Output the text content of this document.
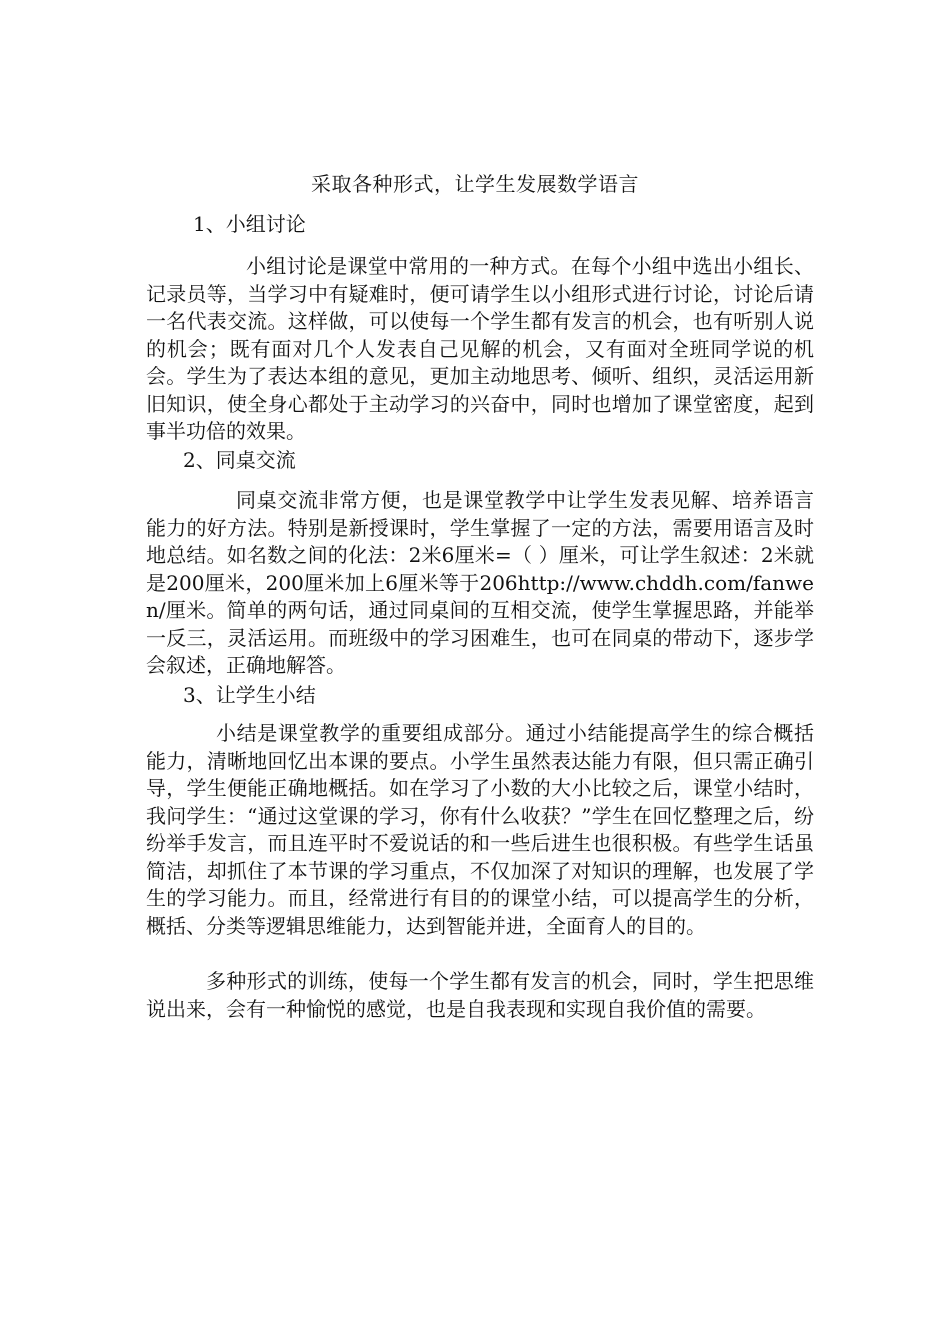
采取各种形式，让学生发展数学语言
1、小组讨论

小组讨论是课堂中常用的一种方式。在每个小组中选出小组长、记录员等，当学习中有疑难时，便可请学生以小组形式进行讨论，讨论后请一名代表交流。这样做，可以使每一个学生都有发言的机会，也有听别人说的机会；既有面对几个人发表自己见解的机会，又有面对全班同学说的机会。学生为了表达本组的意见，更加主动地思考、倾听、组织，灵活运用新旧知识，使全身心都处于主动学习的兴奋中，同时也增加了课堂密度，起到事半功倍的效果。

2、同桌交流

同桌交流非常方便，也是课堂教学中让学生发表见解、培养语言能力的好方法。特别是新授课时，学生掌握了一定的方法，需要用语言及时地总结。如名数之间的化法：2米6厘米=（ ）厘米，可让学生叙述：2米就是200厘米，200厘米加上6厘米等于206http://www.chddh.com/fanwen/厘米。简单的两句话，通过同桌间的互相交流，使学生掌握思路，并能举一反三，灵活运用。而班级中的学习困难生，也可在同桌的带动下，逐步学会叙述，正确地解答。

3、让学生小结

小结是课堂教学的重要组成部分。通过小结能提高学生的综合概括能力，清晰地回忆出本课的要点。小学生虽然表达能力有限，但只需正确引导，学生便能正确地概括。如在学习了小数的大小比较之后，课堂小结时，我问学生：“通过这堂课的学习，你有什么收获？”学生在回忆整理之后，纷纷举手发言，而且连平时不爱说话的和一些后进生也很积极。有些学生话虽简洁，却抓住了本节课的学习重点，不仅加深了对知识的理解，也发展了学生的学习能力。而且，经常进行有目的的课堂小结，可以提高学生的分析，概括、分类等逻辑思维能力，达到智能并进，全面育人的目的。

多种形式的训练，使每一个学生都有发言的机会，同时，学生把思维说出来，会有一种愉悦的感觉，也是自我表现和实现自我价值的需要。
